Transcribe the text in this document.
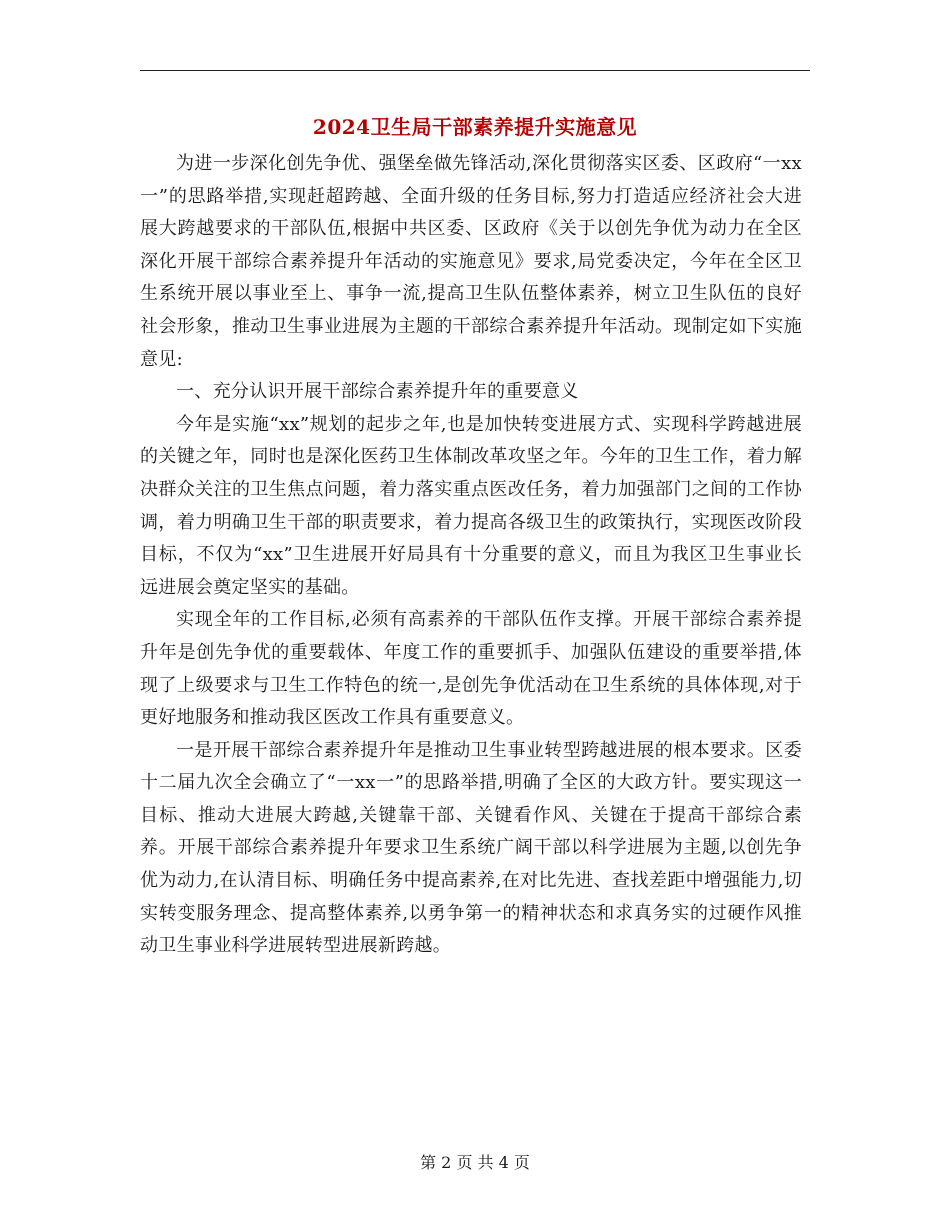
2024卫生局干部素养提升实施意见

为进一步深化创先争优、强堡垒做先锋活动,深化贯彻落实区委、区政府“一xx一”的思路举措,实现赶超跨越、全面升级的任务目标,努力打造适应经济社会大进展大跨越要求的干部队伍,根据中共区委、区政府《关于以创先争优为动力在全区深化开展干部综合素养提升年活动的实施意见》要求,局党委决定，今年在全区卫生系统开展以事业至上、事争一流,提高卫生队伍整体素养，树立卫生队伍的良好社会形象，推动卫生事业进展为主题的干部综合素养提升年活动。现制定如下实施意见:

一、充分认识开展干部综合素养提升年的重要意义

今年是实施“xx”规划的起步之年,也是加快转变进展方式、实现科学跨越进展的关键之年，同时也是深化医药卫生体制改革攻坚之年。今年的卫生工作，着力解决群众关注的卫生焦点问题，着力落实重点医改任务，着力加强部门之间的工作协调，着力明确卫生干部的职责要求，着力提高各级卫生的政策执行，实现医改阶段目标，不仅为“xx”卫生进展开好局具有十分重要的意义，而且为我区卫生事业长远进展会奠定坚实的基础。

实现全年的工作目标,必须有高素养的干部队伍作支撑。开展干部综合素养提升年是创先争优的重要载体、年度工作的重要抓手、加强队伍建设的重要举措,体现了上级要求与卫生工作特色的统一,是创先争优活动在卫生系统的具体体现,对于更好地服务和推动我区医改工作具有重要意义。

一是开展干部综合素养提升年是推动卫生事业转型跨越进展的根本要求。区委十二届九次全会确立了“一xx一”的思路举措,明确了全区的大政方针。要实现这一目标、推动大进展大跨越,关键靠干部、关键看作风、关键在于提高干部综合素养。开展干部综合素养提升年要求卫生系统广阔干部以科学进展为主题,以创先争优为动力,在认清目标、明确任务中提高素养,在对比先进、查找差距中增强能力,切实转变服务理念、提高整体素养,以勇争第一的精神状态和求真务实的过硬作风推动卫生事业科学进展转型进展新跨越。

第 2 页 共 4 页
